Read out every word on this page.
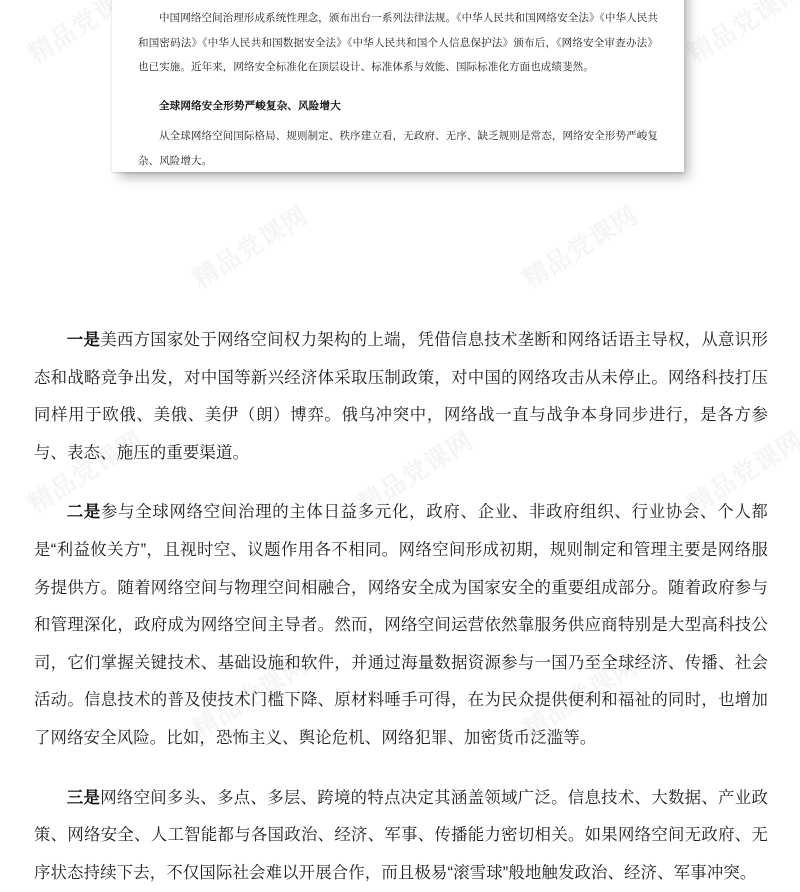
中国网络空间治理形成系统性理念，颁布出台一系列法律法规。《中华人民共和国网络安全法》《中华人民共和国密码法》《中华人民共和国数据安全法》《中华人民共和国个人信息保护法》颁布后，《网络安全审查办法》也已实施。近年来，网络安全标准化在顶层设计、标准体系与效能、国际标准化方面也成绩斐然。

全球网络安全形势严峻复杂、风险增大

从全球网络空间国际格局、规则制定、秩序建立看，无政府、无序、缺乏规则是常态，网络安全形势严峻复杂、风险增大。

一是美西方国家处于网络空间权力架构的上端，凭借信息技术垄断和网络话语主导权，从意识形态和战略竞争出发，对中国等新兴经济体采取压制政策，对中国的网络攻击从未停止。网络科技打压同样用于欧俄、美俄、美伊（朗）博弈。俄乌冲突中，网络战一直与战争本身同步进行，是各方参与、表态、施压的重要渠道。

二是参与全球网络空间治理的主体日益多元化，政府、企业、非政府组织、行业协会、个人都是“利益攸关方”，且视时空、议题作用各不相同。网络空间形成初期，规则制定和管理主要是网络服务提供方。随着网络空间与物理空间相融合，网络安全成为国家安全的重要组成部分。随着政府参与和管理深化，政府成为网络空间主导者。然而，网络空间运营依然靠服务供应商特别是大型高科技公司，它们掌握关键技术、基础设施和软件，并通过海量数据资源参与一国乃至全球经济、传播、社会活动。信息技术的普及使技术门槛下降、原材料唾手可得，在为民众提供便利和福祉的同时，也增加了网络安全风险。比如，恐怖主义、舆论危机、网络犯罪、加密货币泛滥等。

三是网络空间多头、多点、多层、跨境的特点决定其涵盖领域广泛。信息技术、大数据、产业政策、网络安全、人工智能都与各国政治、经济、军事、传播能力密切相关。如果网络空间无政府、无序状态持续下去，不仅国际社会难以开展合作，而且极易“滚雪球”般地触发政治、经济、军事冲突。
